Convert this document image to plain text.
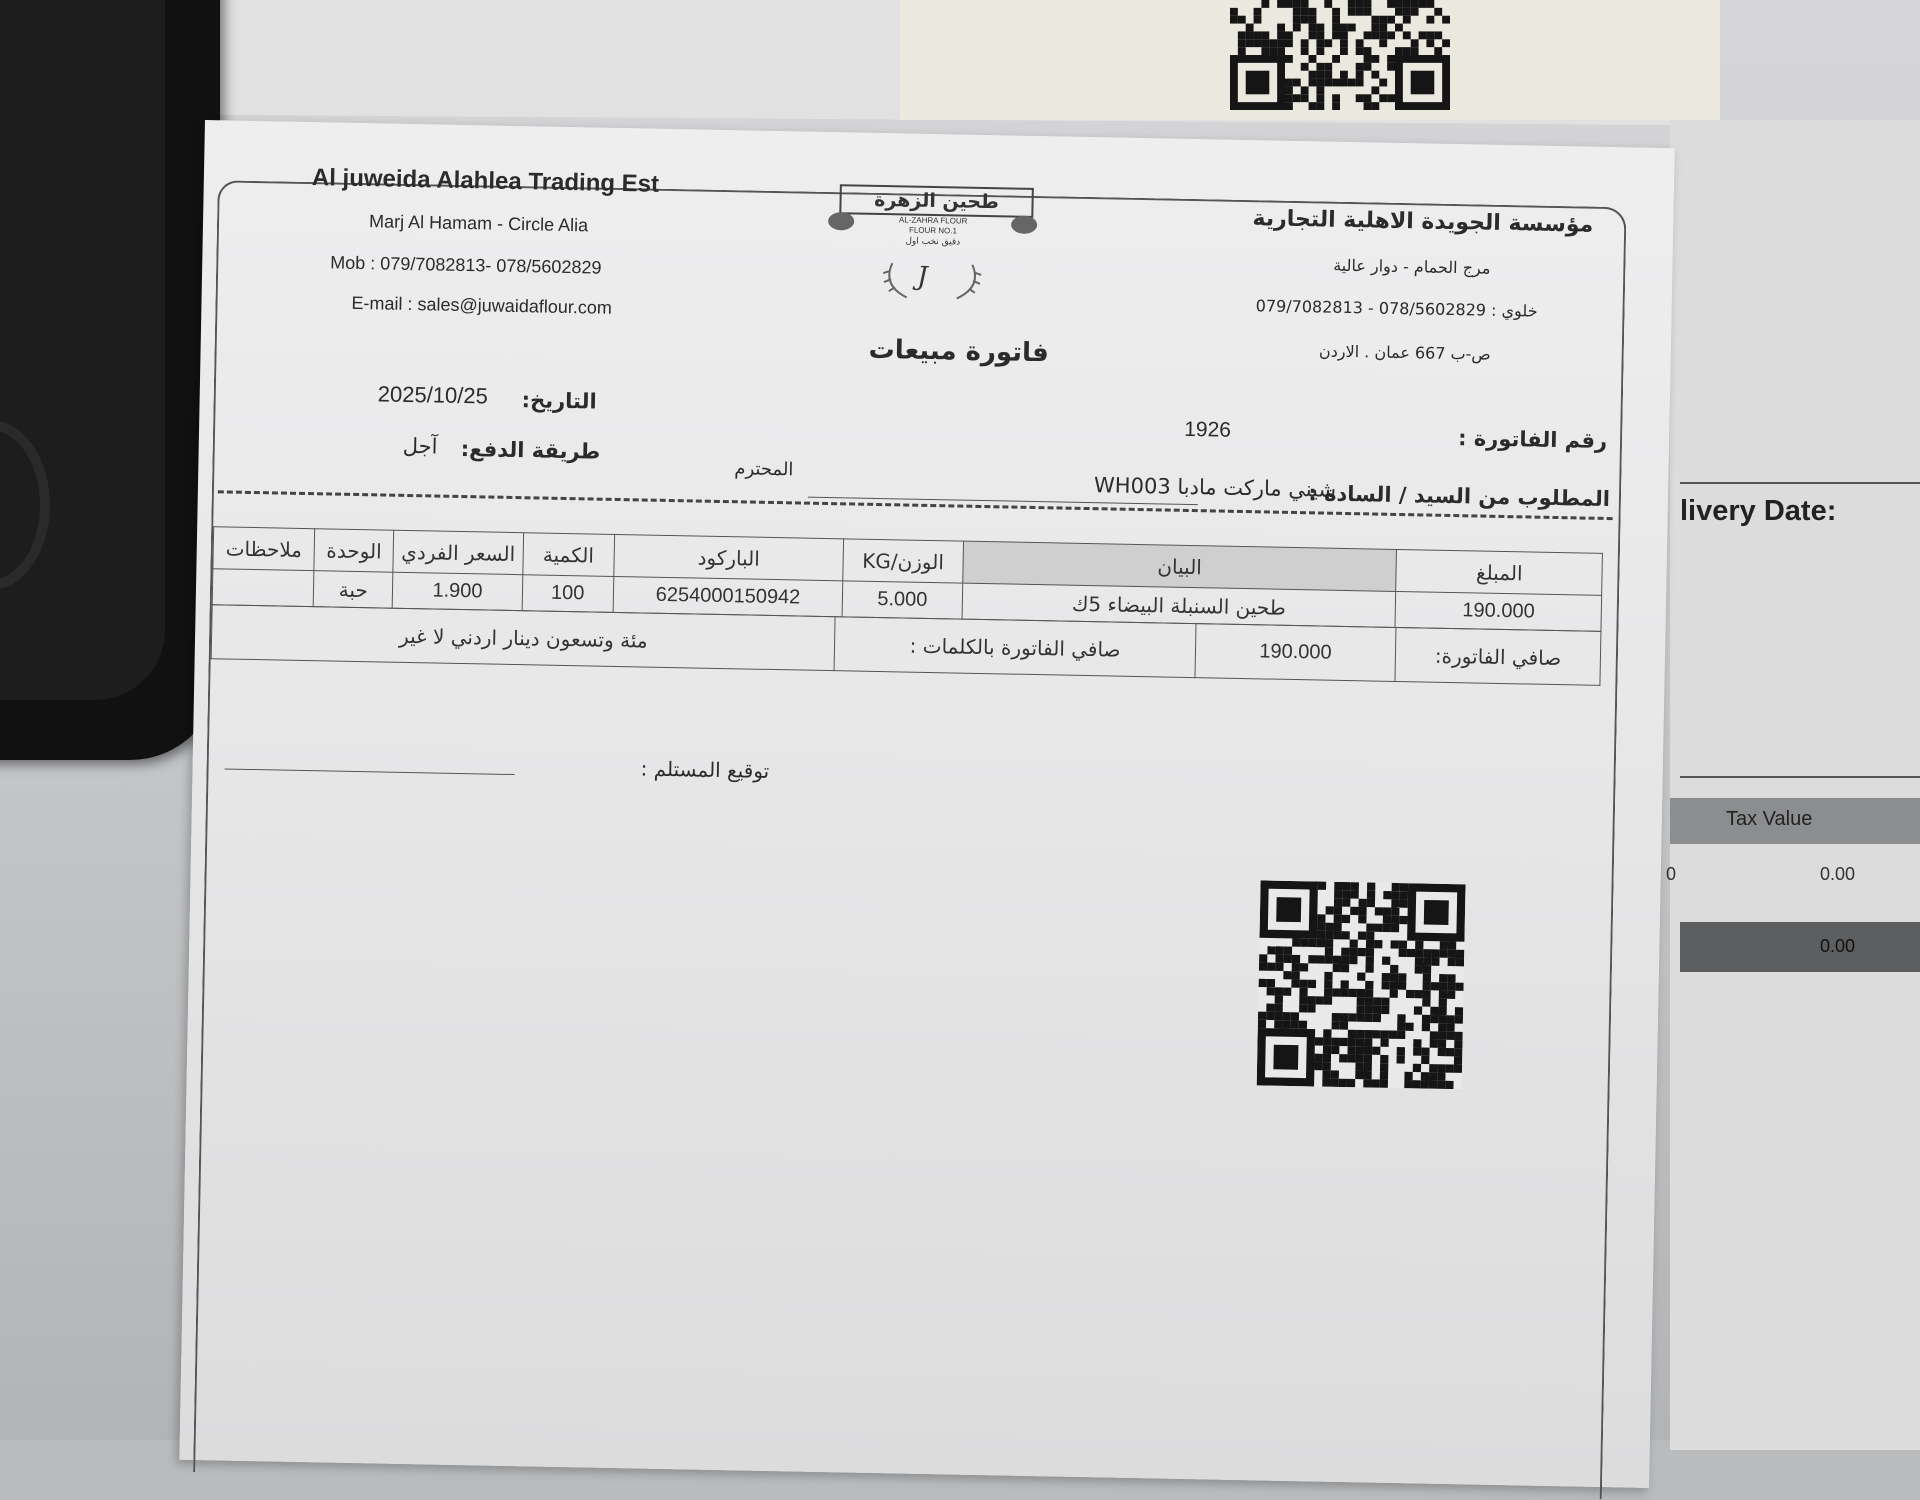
livery Date:
Tax Value
0	0.00
0.00
Al juweida Alahlea Trading Est
Marj Al Hamam - Circle Alia
Mob : 079/7082813- 078/5602829
E-mail : sales@juwaidaflour.com
طحين الزهرة
AL-ZAHRA FLOUR
FLOUR NO.1
دقيق نخب اول
J
مؤسسة الجويدة الاهلية التجارية
مرج الحمام - دوار عالية
خلوي : 078/5602829 - 079/7082813
ص-ب 667 عمان . الاردن
فاتورة مبيعات
التاريخ:
2025/10/25
طريقة الدفع:
آجل	رقم الفاتورة :
1926
المطلوب من السيد / السادة :
شيني ماركت مادبا WH003
المحترم
ملاحظات	الوحدة	السعر الفردي	الكمية	الباركود	الوزن/KG	البيان	المبلغ
	حبة	1.900	100	6254000150942	5.000	طحين السنبلة البيضاء 5ك	190.000
مئة وتسعون دينار اردني لا غير	صافي الفاتورة بالكلمات :	190.000	صافي الفاتورة:
توقيع المستلم :
